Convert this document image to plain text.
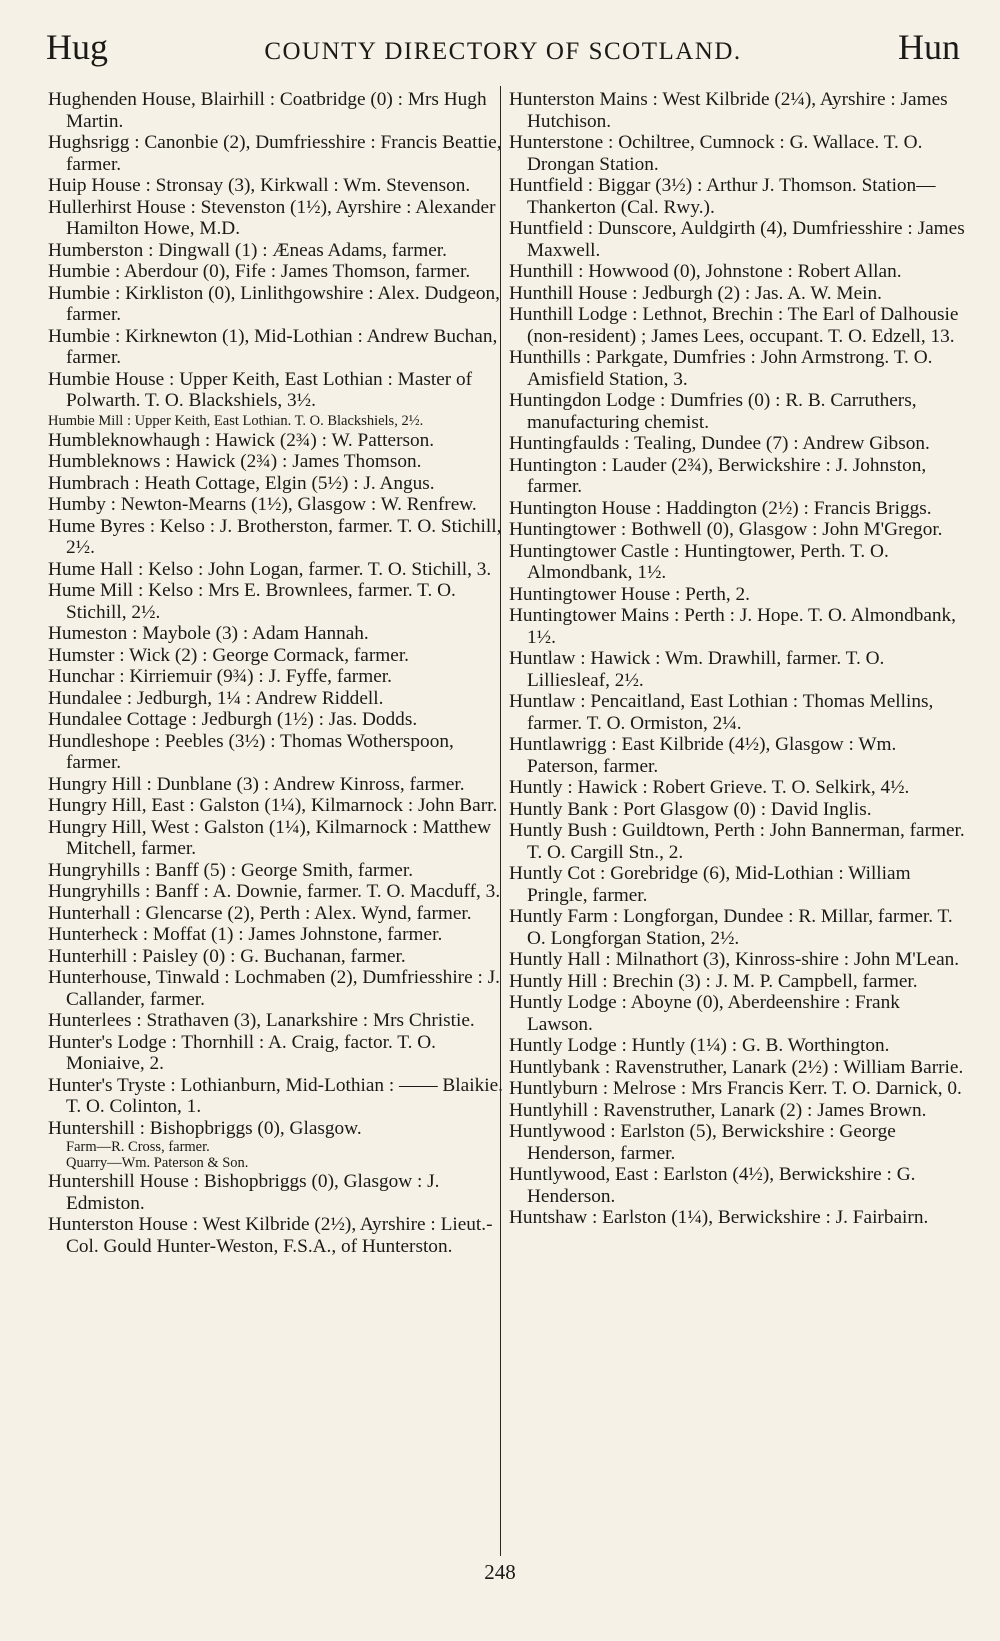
Hug	COUNTY DIRECTORY OF SCOTLAND.	Hun
Hughenden House, Blairhill : Coatbridge (0) : Mrs Hugh Martin.
Hughsrigg : Canonbie (2), Dumfriesshire : Francis Beattie, farmer.
Huip House : Stronsay (3), Kirkwall : Wm. Stevenson.
Hullerhirst House : Stevenston (1½), Ayrshire : Alexander Hamilton Howe, M.D.
Humberston : Dingwall (1) : Æneas Adams, farmer.
Humbie : Aberdour (0), Fife : James Thomson, farmer.
Humbie : Kirkliston (0), Linlithgowshire : Alex. Dudgeon, farmer.
Humbie : Kirknewton (1), Mid-Lothian : Andrew Buchan, farmer.
Humbie House : Upper Keith, East Lothian : Master of Polwarth. T. O. Blackshiels, 3½.
Humbie Mill : Upper Keith, East Lothian. T. O. Blackshiels, 2½.
Humbleknowhaugh : Hawick (2¾) : W. Patterson.
Humbleknows : Hawick (2¾) : James Thomson.
Humbrach : Heath Cottage, Elgin (5½) : J. Angus.
Humby : Newton-Mearns (1½), Glasgow : W. Renfrew.
Hume Byres : Kelso : J. Brotherston, farmer. T. O. Stichill, 2½.
Hume Hall : Kelso : John Logan, farmer. T. O. Stichill, 3.
Hume Mill : Kelso : Mrs E. Brownlees, farmer. T. O. Stichill, 2½.
Humeston : Maybole (3) : Adam Hannah.
Humster : Wick (2) : George Cormack, farmer.
Hunchar : Kirriemuir (9¾) : J. Fyffe, farmer.
Hundalee : Jedburgh, 1¼ : Andrew Riddell.
Hundalee Cottage : Jedburgh (1½) : Jas. Dodds.
Hundleshope : Peebles (3½) : Thomas Wotherspoon, farmer.
Hungry Hill : Dunblane (3) : Andrew Kinross, farmer.
Hungry Hill, East : Galston (1¼), Kilmarnock : John Barr.
Hungry Hill, West : Galston (1¼), Kilmarnock : Matthew Mitchell, farmer.
Hungryhills : Banff (5) : George Smith, farmer.
Hungryhills : Banff : A. Downie, farmer. T. O. Macduff, 3.
Hunterhall : Glencarse (2), Perth : Alex. Wynd, farmer.
Hunterheck : Moffat (1) : James Johnstone, farmer.
Hunterhill : Paisley (0) : G. Buchanan, farmer.
Hunterhouse, Tinwald : Lochmaben (2), Dumfriesshire : J. Callander, farmer.
Hunterlees : Strathaven (3), Lanarkshire : Mrs Christie.
Hunter's Lodge : Thornhill : A. Craig, factor. T. O. Moniaive, 2.
Hunter's Tryste : Lothianburn, Mid-Lothian : —— Blaikie. T. O. Colinton, 1.
Huntershill : Bishopbriggs (0), Glasgow.
Farm—R. Cross, farmer.
Quarry—Wm. Paterson & Son.
Huntershill House : Bishopbriggs (0), Glasgow : J. Edmiston.
Hunterston House : West Kilbride (2½), Ayrshire : Lieut.-Col. Gould Hunter-Weston, F.S.A., of Hunterston.
Hunterston Mains : West Kilbride (2¼), Ayrshire : James Hutchison.
Hunterstone : Ochiltree, Cumnock : G. Wallace. T. O. Drongan Station.
Huntfield : Biggar (3½) : Arthur J. Thomson. Station—Thankerton (Cal. Rwy.).
Huntfield : Dunscore, Auldgirth (4), Dumfriesshire : James Maxwell.
Hunthill : Howwood (0), Johnstone : Robert Allan.
Hunthill House : Jedburgh (2) : Jas. A. W. Mein.
Hunthill Lodge : Lethnot, Brechin : The Earl of Dalhousie (non-resident) ; James Lees, occupant. T. O. Edzell, 13.
Hunthills : Parkgate, Dumfries : John Armstrong. T. O. Amisfield Station, 3.
Huntingdon Lodge : Dumfries (0) : R. B. Carruthers, manufacturing chemist.
Huntingfaulds : Tealing, Dundee (7) : Andrew Gibson.
Huntington : Lauder (2¾), Berwickshire : J. Johnston, farmer.
Huntington House : Haddington (2½) : Francis Briggs.
Huntingtower : Bothwell (0), Glasgow : John M'Gregor.
Huntingtower Castle : Huntingtower, Perth. T. O. Almondbank, 1½.
Huntingtower House : Perth, 2.
Huntingtower Mains : Perth : J. Hope. T. O. Almondbank, 1½.
Huntlaw : Hawick : Wm. Drawhill, farmer. T. O. Lilliesleaf, 2½.
Huntlaw : Pencaitland, East Lothian : Thomas Mellins, farmer. T. O. Ormiston, 2¼.
Huntlawrigg : East Kilbride (4½), Glasgow : Wm. Paterson, farmer.
Huntly : Hawick : Robert Grieve. T. O. Selkirk, 4½.
Huntly Bank : Port Glasgow (0) : David Inglis.
Huntly Bush : Guildtown, Perth : John Bannerman, farmer. T. O. Cargill Stn., 2.
Huntly Cot : Gorebridge (6), Mid-Lothian : William Pringle, farmer.
Huntly Farm : Longforgan, Dundee : R. Millar, farmer. T. O. Longforgan Station, 2½.
Huntly Hall : Milnathort (3), Kinross-shire : John M'Lean.
Huntly Hill : Brechin (3) : J. M. P. Campbell, farmer.
Huntly Lodge : Aboyne (0), Aberdeenshire : Frank Lawson.
Huntly Lodge : Huntly (1¼) : G. B. Worthington.
Huntlybank : Ravenstruther, Lanark (2½) : William Barrie.
Huntlyburn : Melrose : Mrs Francis Kerr. T. O. Darnick, 0.
Huntlyhill : Ravenstruther, Lanark (2) : James Brown.
Huntlywood : Earlston (5), Berwickshire : George Henderson, farmer.
Huntlywood, East : Earlston (4½), Berwickshire : G. Henderson.
Huntshaw : Earlston (1¼), Berwickshire : J. Fairbairn.
248
